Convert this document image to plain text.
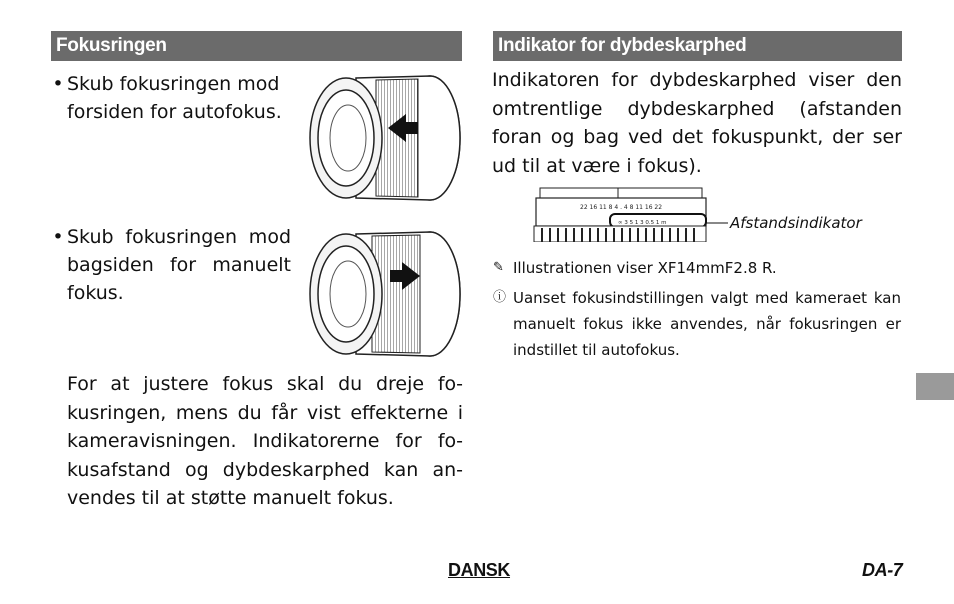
Fokusringen
• Skub fokusringen mod forsiden for autofokus.
• Skub fokusringen mod bagsiden for manuelt fokus.
For at justere fokus skal du dreje fokusringen, mens du får vist effekterne i kameravisningen. Indikatorerne for fokusafstand og dybdeskarphed kan anvendes til at støtte manuelt fokus.
Indikator for dybdeskarphed
Indikatoren for dybdeskarphed viser den omtrentlige dybdeskarphed (afstanden foran og bag ved det fokuspunkt, der ser ud til at være i fokus).
22 16 11 8 4 . 4 8 11 16 22
∞ 3 5 1 3 0.5 1 m	Afstandsindikator
✎ Illustrationen viser XF14mmF2.8 R.
ⓘ Uanset fokusindstillingen valgt med kameraet kan manuelt fokus ikke anvendes, når fokusringen er indstillet til autofokus.
DANSK	DA-7
